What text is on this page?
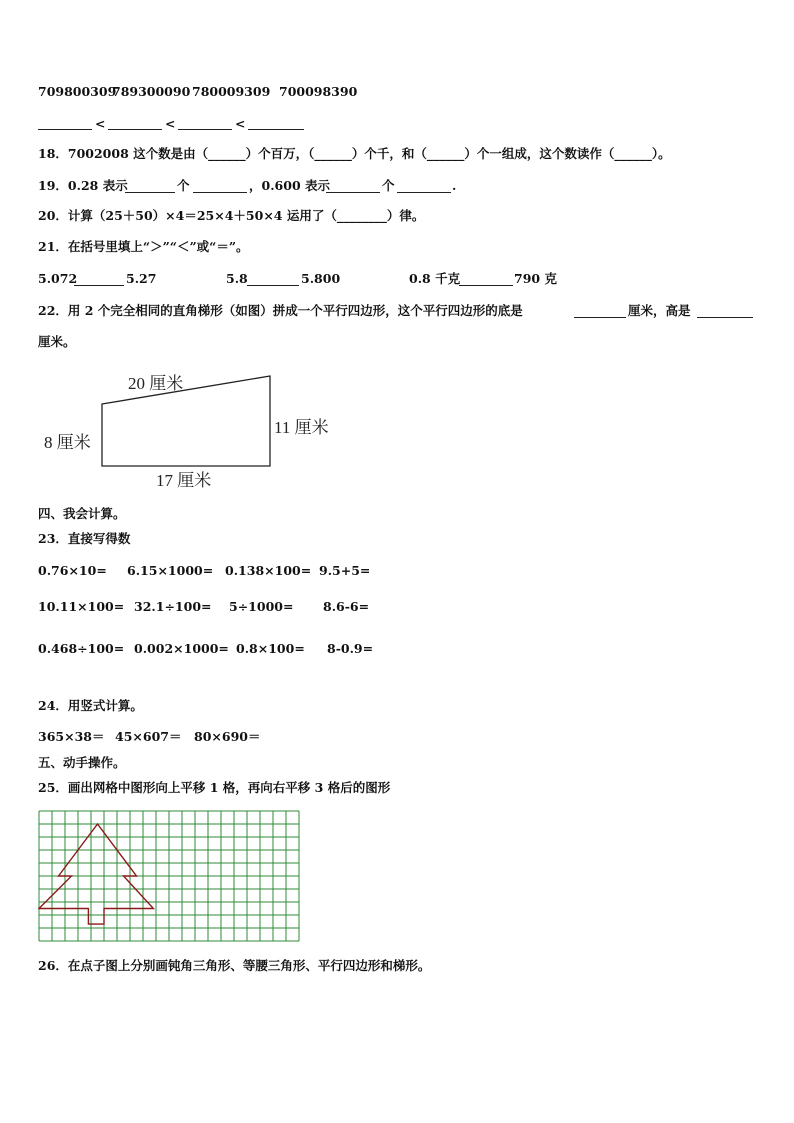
709800309
789300090 780009309 700098390
<	<	<
18．7002008 这个数是由（______）个百万，（______）个千，和（______）个一组成，这个数读作（______）。
19．0.28 表示	个	，0.600 表示	个	.
20．计算（25＋50）×4＝25×4＋50×4 运用了（________）律。
21．在括号里填上“＞”“＜”或“＝”。
5.072	5.27	5.8	5.800	0.8 千克	790 克
22．用 2 个完全相同的直角梯形（如图）拼成一个平行四边形，这个平行四边形的底是	厘米，高是
厘米。
20 厘米
8 厘米
11 厘米
17 厘米
四、我会计算。
23．直接写得数
0.76×10= 6.15×1000= 0.138×100= 9.5+5=
10.11×100= 32.1÷100= 5÷1000= 8.6-6=
0.468÷100= 0.002×1000= 0.8×100= 8-0.9=
24．用竖式计算。
365×38＝ 45×607＝ 80×690＝
五、动手操作。
25．画出网格中图形向上平移 1 格，再向右平移 3 格后的图形
26．在点子图上分别画钝角三角形、等腰三角形、平行四边形和梯形。
